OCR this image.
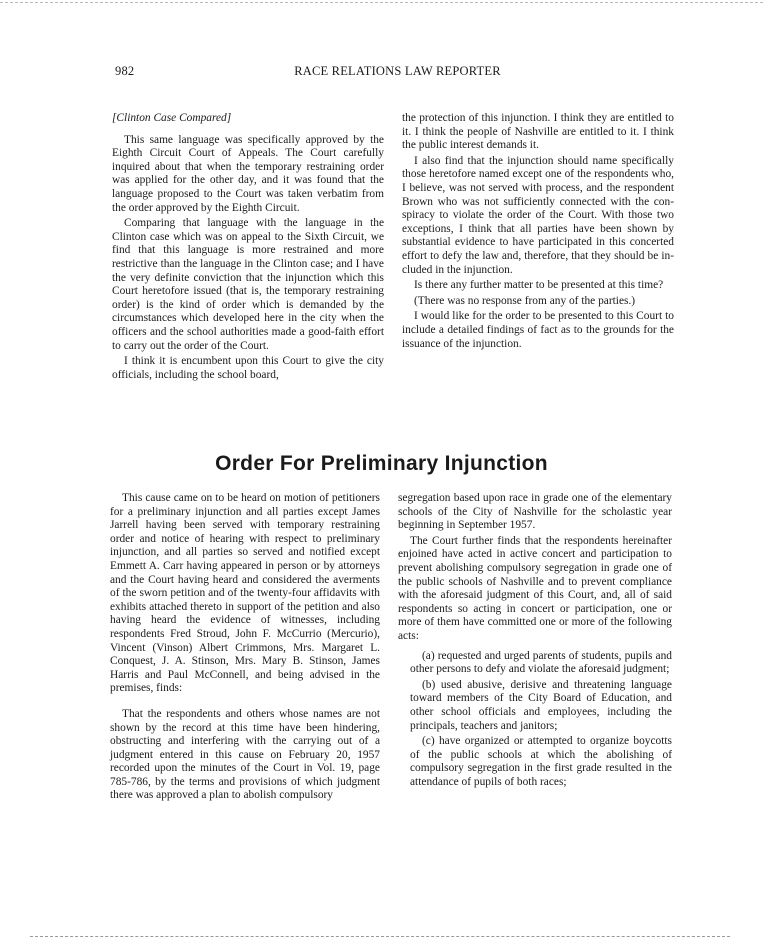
982	RACE RELATIONS LAW REPORTER

[Clinton Case Compared]

This same language was specifically approved by the Eighth Circuit Court of Appeals. The Court carefully inquired about that when the temporary restraining order was applied for the other day, and it was found that the language proposed to the Court was taken verbatim from the order approved by the Eighth Circuit.

Comparing that language with the language in the Clinton case which was on appeal to the Sixth Circuit, we find that this language is more restrained and more restrictive than the language in the Clinton case; and I have the very definite conviction that the injunction which this Court heretofore issued (that is, the temporary restraining order) is the kind of order which is demanded by the circumstances which developed here in the city when the officers and the school authorities made a good-faith effort to carry out the order of the Court.

I think it is encumbent upon this Court to give the city officials, including the school board,

the protection of this injunction. I think they are entitled to it. I think the people of Nashville are entitled to it. I think the public interest demands it.

I also find that the injunction should name specifically those heretofore named except one of the respondents who, I believe, was not served with process, and the respondent Brown who was not sufficiently connected with the conspiracy to violate the order of the Court. With those two exceptions, I think that all parties have been shown by substantial evidence to have participated in this concerted effort to defy the law and, therefore, that they should be included in the injunction.

Is there any further matter to be presented at this time?

(There was no response from any of the parties.)

I would like for the order to be presented to this Court to include a detailed findings of fact as to the grounds for the issuance of the injunction.

Order For Preliminary Injunction

This cause came on to be heard on motion of petitioners for a preliminary injunction and all parties except James Jarrell having been served with temporary restraining order and notice of hearing with respect to preliminary injunction, and all parties so served and notified except Emmett A. Carr having appeared in person or by attorneys and the Court having heard and considered the averments of the sworn petition and of the twenty-four affidavits with exhibits attached thereto in support of the petition and also having heard the evidence of witnesses, including respondents Fred Stroud, John F. McCurrio (Mercurio), Vincent (Vinson) Albert Crimmons, Mrs. Margaret L. Conquest, J. A. Stinson, Mrs. Mary B. Stinson, James Harris and Paul McConnell, and being advised in the premises, finds:

That the respondents and others whose names are not shown by the record at this time have been hindering, obstructing and interfering with the carrying out of a judgment entered in this cause on February 20, 1957 recorded upon the minutes of the Court in Vol. 19, page 785-786, by the terms and provisions of which judgment there was approved a plan to abolish compulsory

segregation based upon race in grade one of the elementary schools of the City of Nashville for the scholastic year beginning in September 1957.

The Court further finds that the respondents hereinafter enjoined have acted in active concert and participation to prevent abolishing compulsory segregation in grade one of the public schools of Nashville and to prevent compliance with the aforesaid judgment of this Court, and, all of said respondents so acting in concert or participation, one or more of them have committed one or more of the following acts:

(a) requested and urged parents of students, pupils and other persons to defy and violate the aforesaid judgment;

(b) used abusive, derisive and threatening language toward members of the City Board of Education, and other school officials and employees, including the principals, teachers and janitors;

(c) have organized or attempted to organize boycotts of the public schools at which the abolishing of compulsory segregation in the first grade resulted in the attendance of pupils of both races;
